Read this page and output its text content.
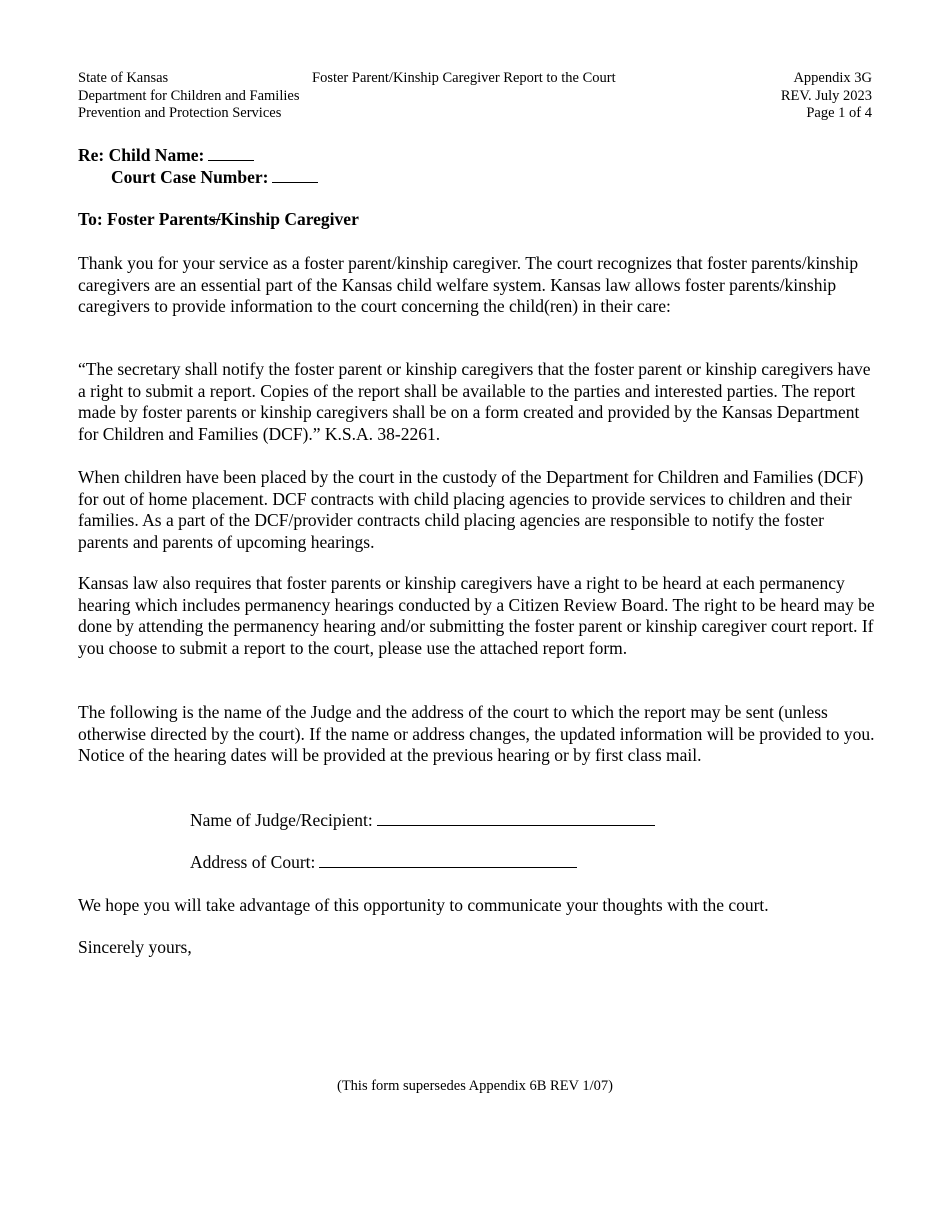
State of Kansas
Department for Children and Families
Prevention and Protection Services
Foster Parent/Kinship Caregiver Report to the Court	Appendix 3G
REV. July 2023
Page 1 of 4
Re: Child Name:
Court Case Number:
To: Foster Parents/Kinship Caregiver
Thank you for your service as a foster parent/kinship caregiver. The court recognizes that foster parents/kinship caregivers are an essential part of the Kansas child welfare system. Kansas law allows foster parents/kinship caregivers to provide information to the court concerning the child(ren) in their care:
“The secretary shall notify the foster parent or kinship caregivers that the foster parent or kinship caregivers have a right to submit a report. Copies of the report shall be available to the parties and interested parties. The report made by foster parents or kinship caregivers shall be on a form created and provided by the Kansas Department for Children and Families (DCF).” K.S.A. 38-2261.
When children have been placed by the court in the custody of the Department for Children and Families (DCF) for out of home placement. DCF contracts with child placing agencies to provide services to children and their families. As a part of the DCF/provider contracts child placing agencies are responsible to notify the foster parents and parents of upcoming hearings.
Kansas law also requires that foster parents or kinship caregivers have a right to be heard at each permanency hearing which includes permanency hearings conducted by a Citizen Review Board. The right to be heard may be done by attending the permanency hearing and/or submitting the foster parent or kinship caregiver court report. If you choose to submit a report to the court, please use the attached report form.
The following is the name of the Judge and the address of the court to which the report may be sent (unless otherwise directed by the court). If the name or address changes, the updated information will be provided to you. Notice of the hearing dates will be provided at the previous hearing or by first class mail.
Name of Judge/Recipient:
Address of Court:
We hope you will take advantage of this opportunity to communicate your thoughts with the court.
Sincerely yours,
(This form supersedes Appendix 6B REV 1/07)
